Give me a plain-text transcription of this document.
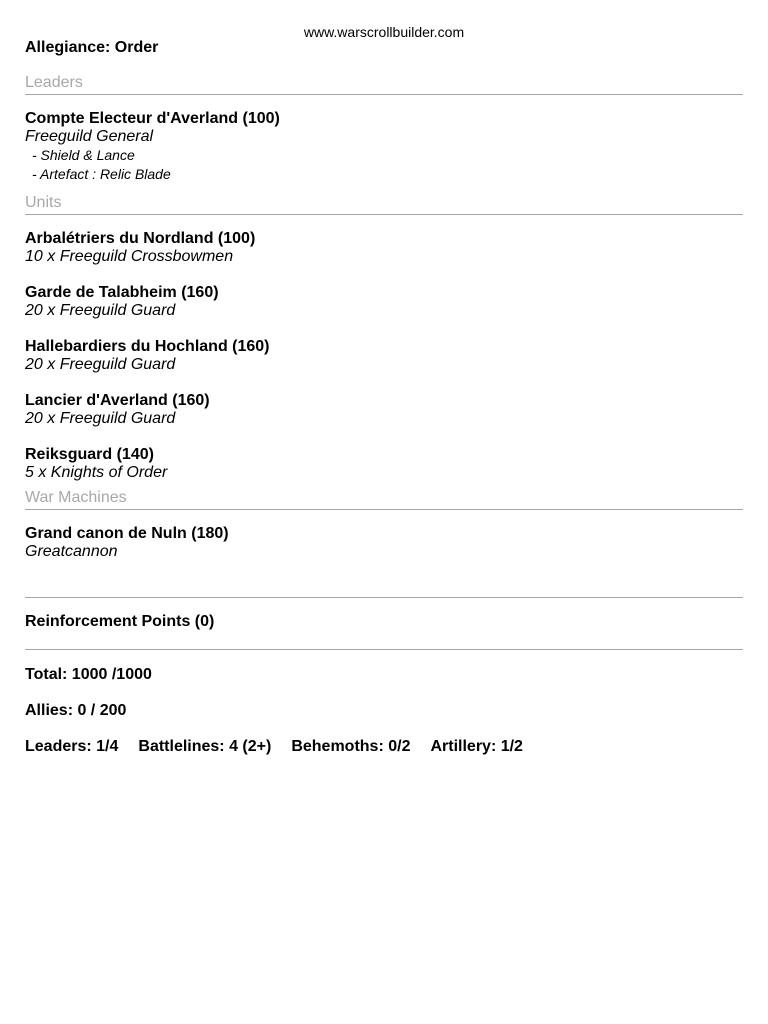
www.warscrollbuilder.com
Allegiance: Order
Leaders
Compte Electeur d'Averland (100)
Freeguild General
- Shield & Lance
- Artefact : Relic Blade
Units
Arbalétriers du Nordland (100)
10 x Freeguild Crossbowmen
Garde de Talabheim (160)
20 x Freeguild Guard
Hallebardiers du Hochland (160)
20 x Freeguild Guard
Lancier d'Averland (160)
20 x Freeguild Guard
Reiksguard (140)
5 x Knights of Order
War Machines
Grand canon de Nuln (180)
Greatcannon
Reinforcement Points (0)
Total: 1000 /1000
Allies: 0 / 200
Leaders: 1/4 Battlelines: 4 (2+) Behemoths: 0/2 Artillery: 1/2
